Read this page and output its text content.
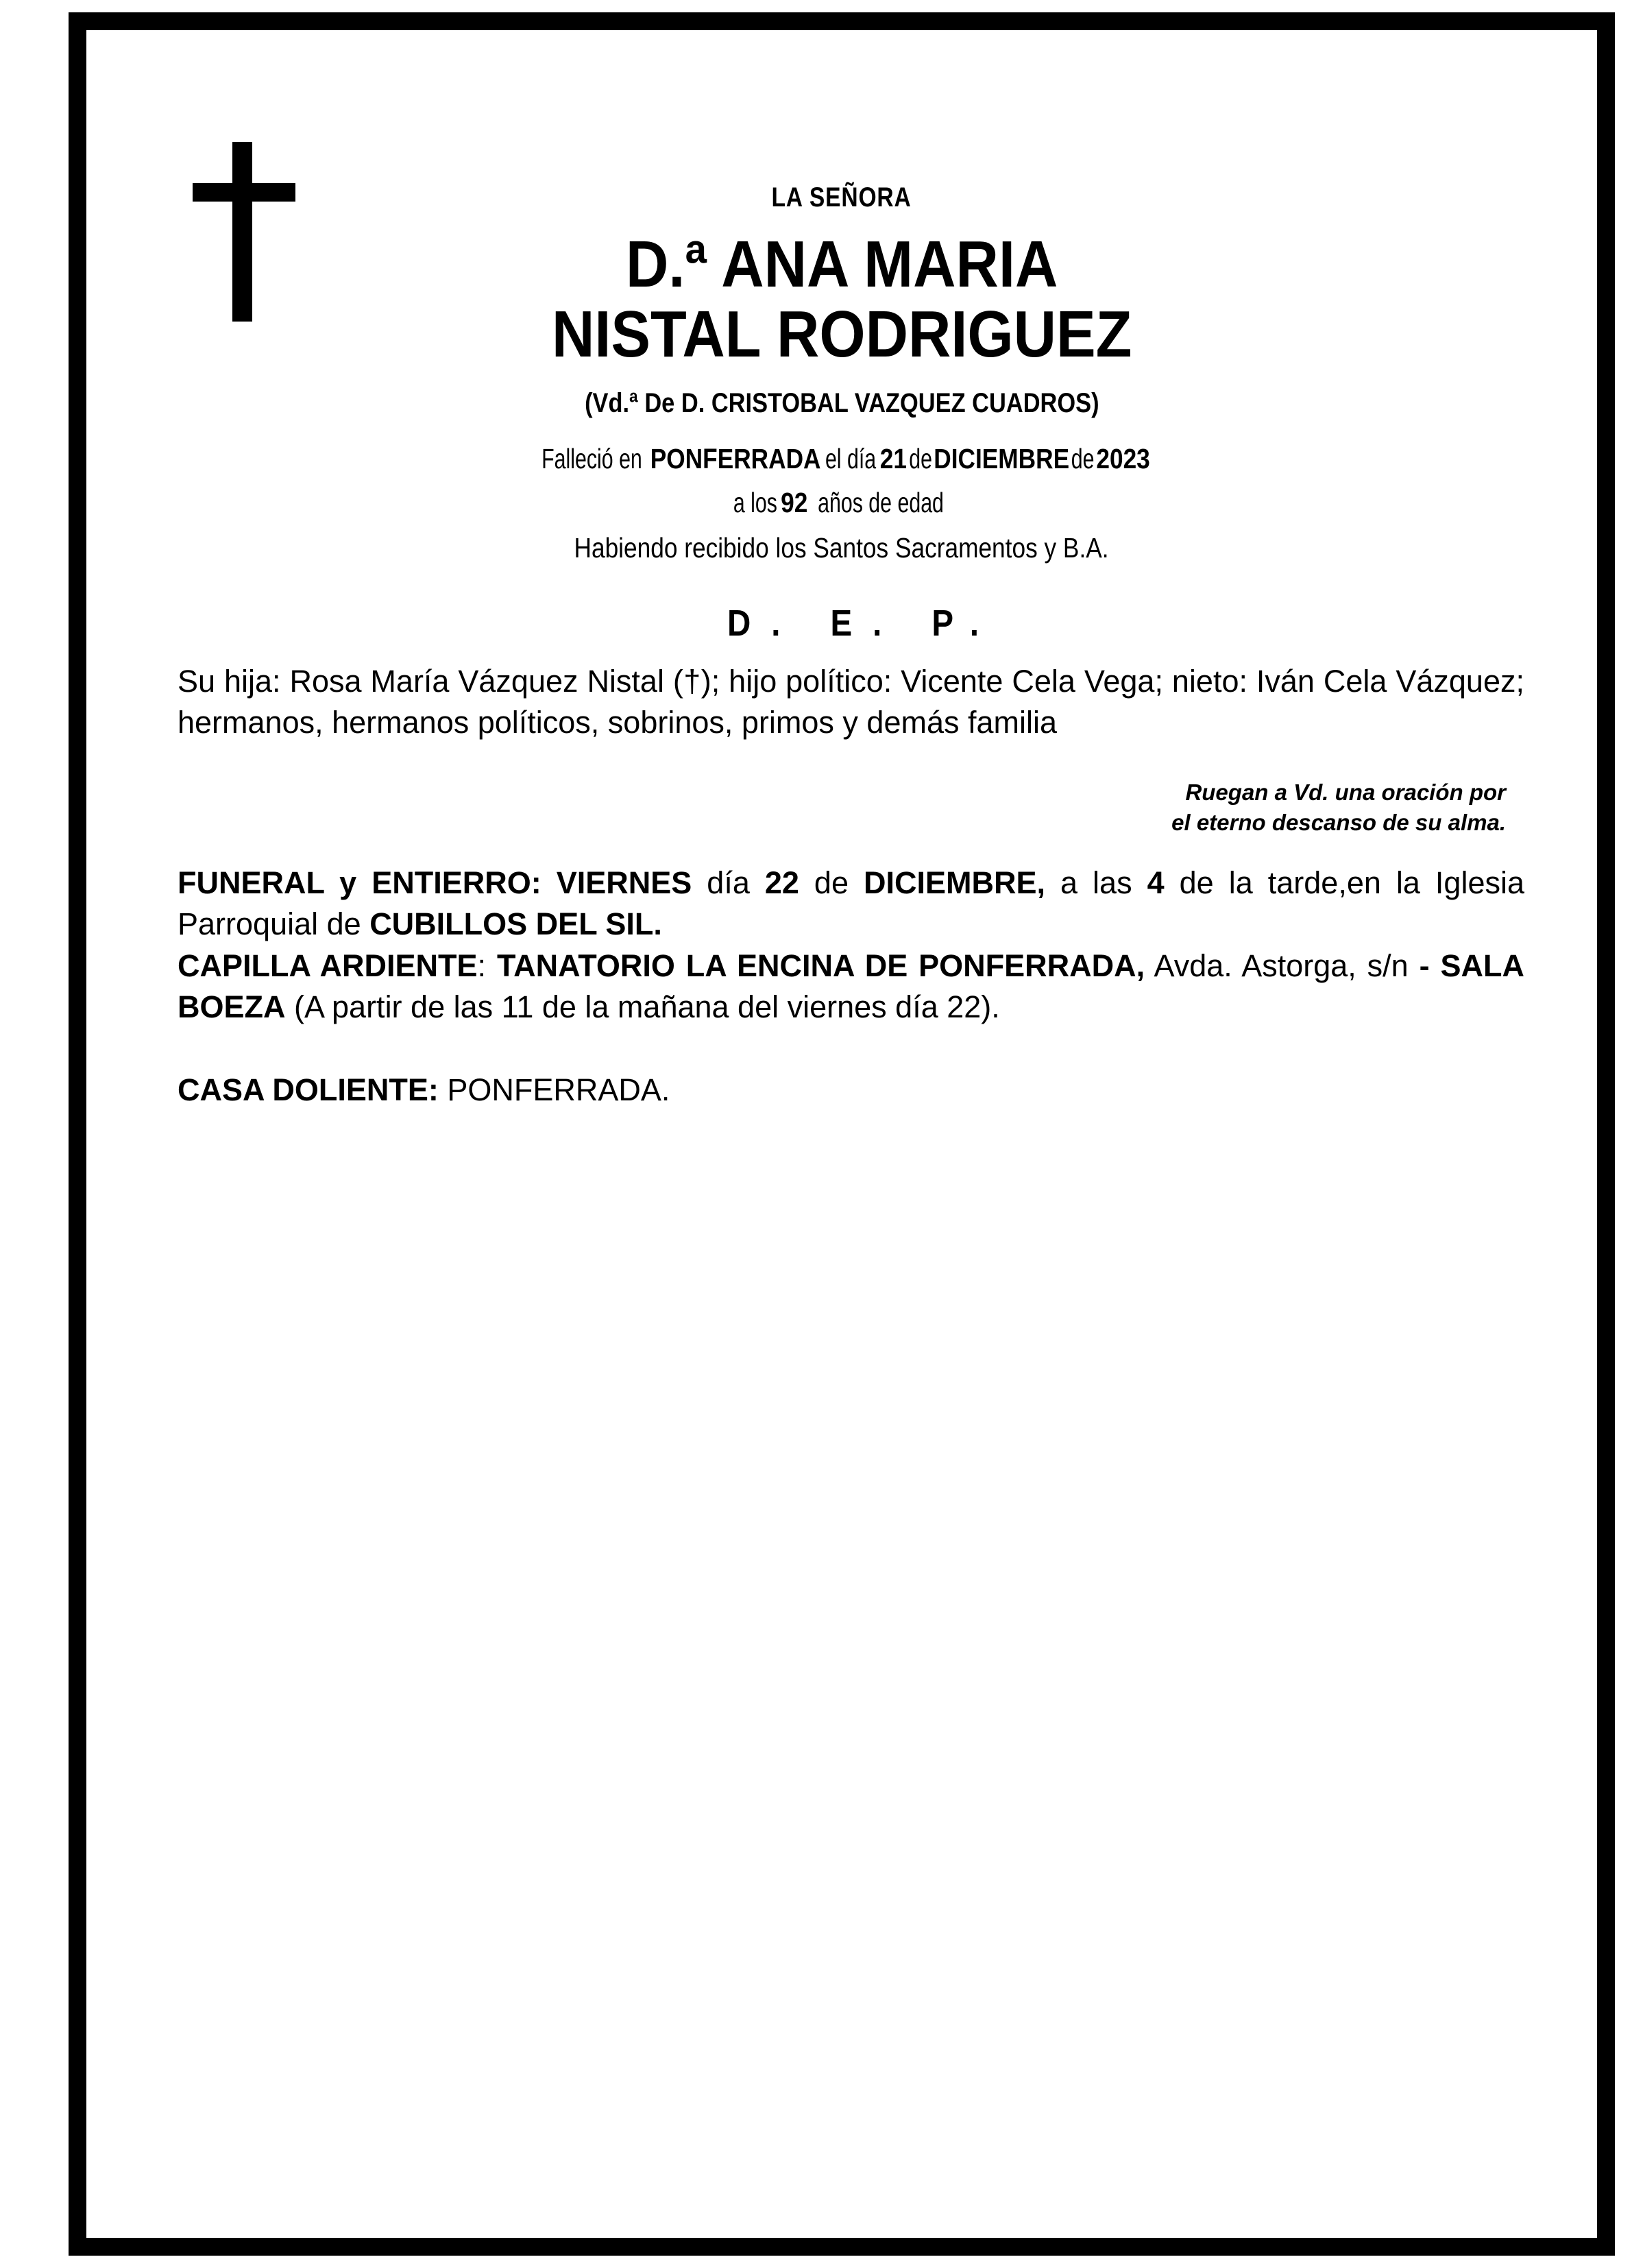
LA SEÑORA
D.ª ANA MARIA
NISTAL RODRIGUEZ
(Vd.ª De D. CRISTOBAL VAZQUEZ CUADROS)
Falleció enPONFERRADAel día21deDICIEMBREde2023
a los92años de edad
Habiendo recibido los Santos Sacramentos y B.A.
D. E. P.
Su hija: Rosa María Vázquez Nistal (†); hijo político: Vicente Cela Vega; nieto: Iván Cela Vázquez; hermanos, hermanos políticos, sobrinos, primos y demás familia
Ruegan a Vd. una oración por
el eterno descanso de su alma.
FUNERAL y ENTIERRO: VIERNES día 22 de DICIEMBRE, a las 4 de la tarde,en la Iglesia Parroquial de CUBILLOS DEL SIL.
CAPILLA ARDIENTE: TANATORIO LA ENCINA DE PONFERRADA, Avda. Astorga, s/n - SALA BOEZA (A partir de las 11 de la mañana del viernes día 22).
CASA DOLIENTE: PONFERRADA.
